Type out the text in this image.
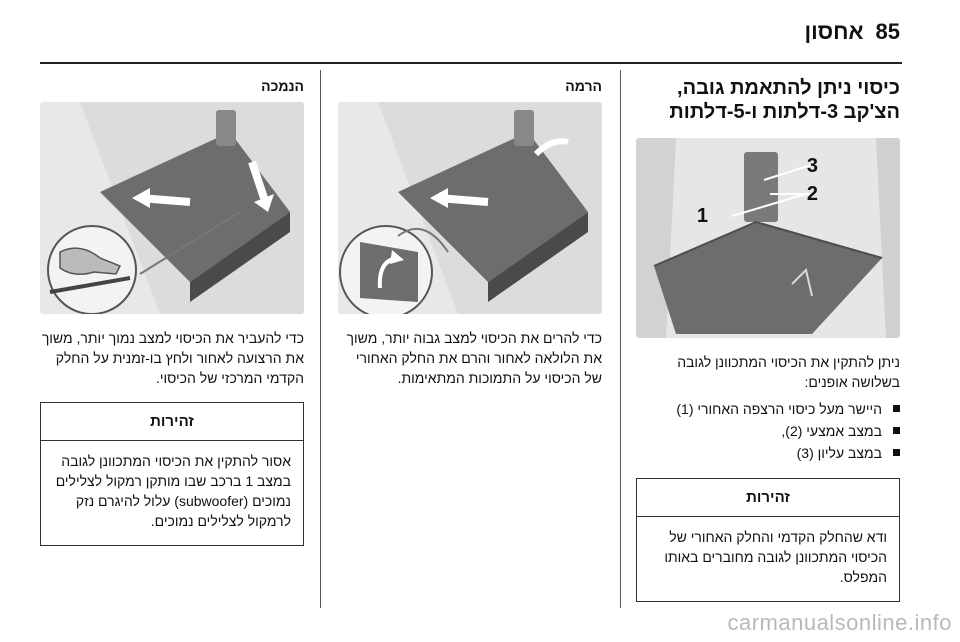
85
אחסון
כיסוי ניתן להתאמת גובה, הצ'קב 3-דלתות ו-5-דלתות
1
2
3
ניתן להתקין את הכיסוי המתכוונן לגובה בשלושה אופנים:
היישר מעל כיסוי הרצפה האחורי (1)
במצב אמצעי (2),
במצב עליון (3)
זהירות
ודא שהחלק הקדמי והחלק האחורי של הכיסוי המתכוונן לגובה מחוברים באותו המפלס.
הרמה
כדי להרים את הכיסוי למצב גבוה יותר, משוך את הלולאה לאחור והרם את החלק האחורי של הכיסוי על התמוכות המתאימות.
הנמכה
כדי להעביר את הכיסוי למצב נמוך יותר, משוך את הרצועה לאחור ולחץ בו-זמנית על החלק הקדמי המרכזי של הכיסוי.
זהירות
אסור להתקין את הכיסוי המתכוונן לגובה במצב 1 ברכב שבו מותקן רמקול לצלילים נמוכים (subwoofer) עלול להיגרם נזק לרמקול לצלילים נמוכים.
carmanualsonline.info
